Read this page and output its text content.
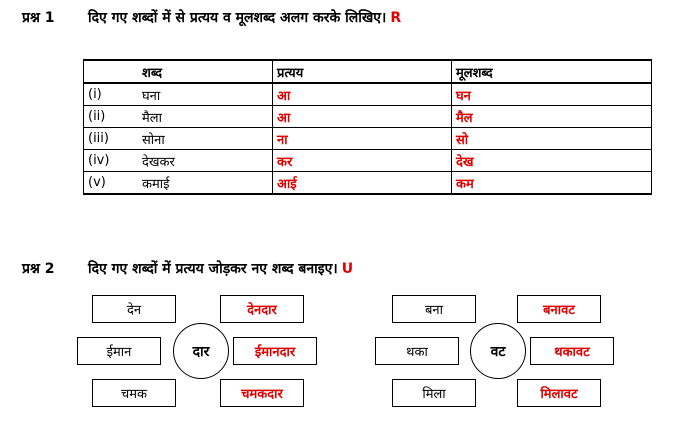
प्रश्न 1 दिए गए शब्दों में से प्रत्यय व मूलशब्द अलग करके लिखिए। R
	शब्द	प्रत्यय	मूलशब्द
(i)	घना	आ	घन
(ii)	मैला	आ	मैल
(iii)	सोना	ना	सो
(iv)	देखकर	कर	देख
(v)	कमाई	आई	कम
प्रश्न 2 दिए गए शब्दों में प्रत्यय जोड़कर नए शब्द बनाइए। U
देन
ईमान
चमक
दार
देनदार
ईमानदार
चमकदार
बना
थका
मिला
वट
बनावट
थकावट
मिलावट
